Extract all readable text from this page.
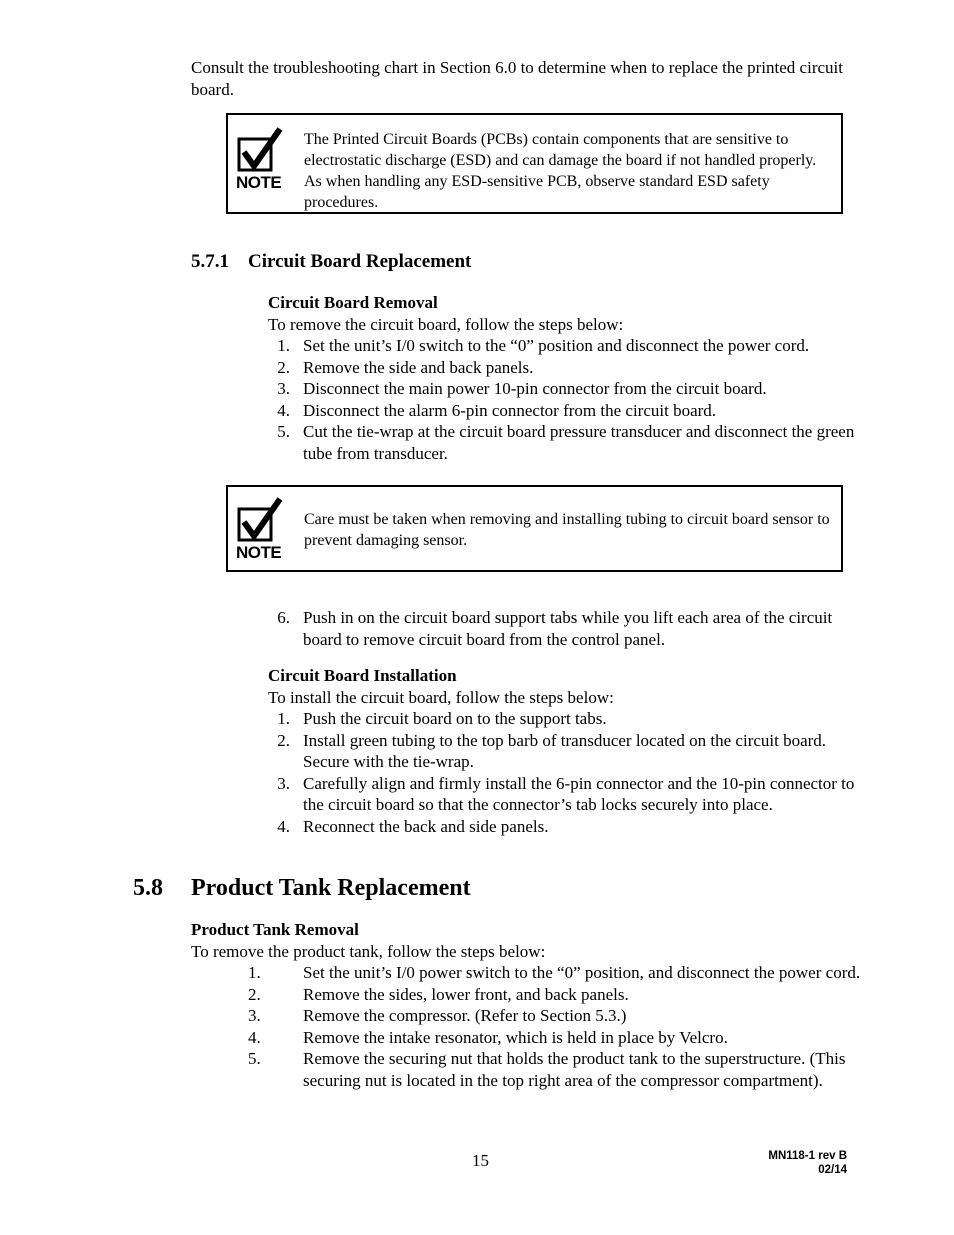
Consult the troubleshooting chart in Section 6.0 to determine when to replace the printed circuit board.

NOTE
The Printed Circuit Boards (PCBs) contain components that are sensitive to electrostatic discharge (ESD) and can damage the board if not handled properly. As when handling any ESD-sensitive PCB, observe standard ESD safety procedures.
5.7.1 Circuit Board Replacement
Circuit Board Removal
To remove the circuit board, follow the steps below:
1. Set the unit’s I/0 switch to the “0” position and disconnect the power cord.
2. Remove the side and back panels.
3. Disconnect the main power 10-pin connector from the circuit board.
4. Disconnect the alarm 6-pin connector from the circuit board.
5. Cut the tie-wrap at the circuit board pressure transducer and disconnect the green tube from transducer.
NOTE
Care must be taken when removing and installing tubing to circuit board sensor to prevent damaging sensor.
6. Push in on the circuit board support tabs while you lift each area of the circuit board to remove circuit board from the control panel.
Circuit Board Installation
To install the circuit board, follow the steps below:
1. Push the circuit board on to the support tabs.
2. Install green tubing to the top barb of transducer located on the circuit board. Secure with the tie-wrap.
3. Carefully align and firmly install the 6-pin connector and the 10-pin connector to the circuit board so that the connector’s tab locks securely into place.
4. Reconnect the back and side panels.
5.8 Product Tank Replacement
Product Tank Removal
To remove the product tank, follow the steps below:
1. Set the unit’s I/0 power switch to the “0” position, and disconnect the power cord.
2. Remove the sides, lower front, and back panels.
3. Remove the compressor. (Refer to Section 5.3.)
4. Remove the intake resonator, which is held in place by Velcro.
5. Remove the securing nut that holds the product tank to the superstructure. (This securing nut is located in the top right area of the compressor compartment).
15	MN118-1 rev B
02/14
